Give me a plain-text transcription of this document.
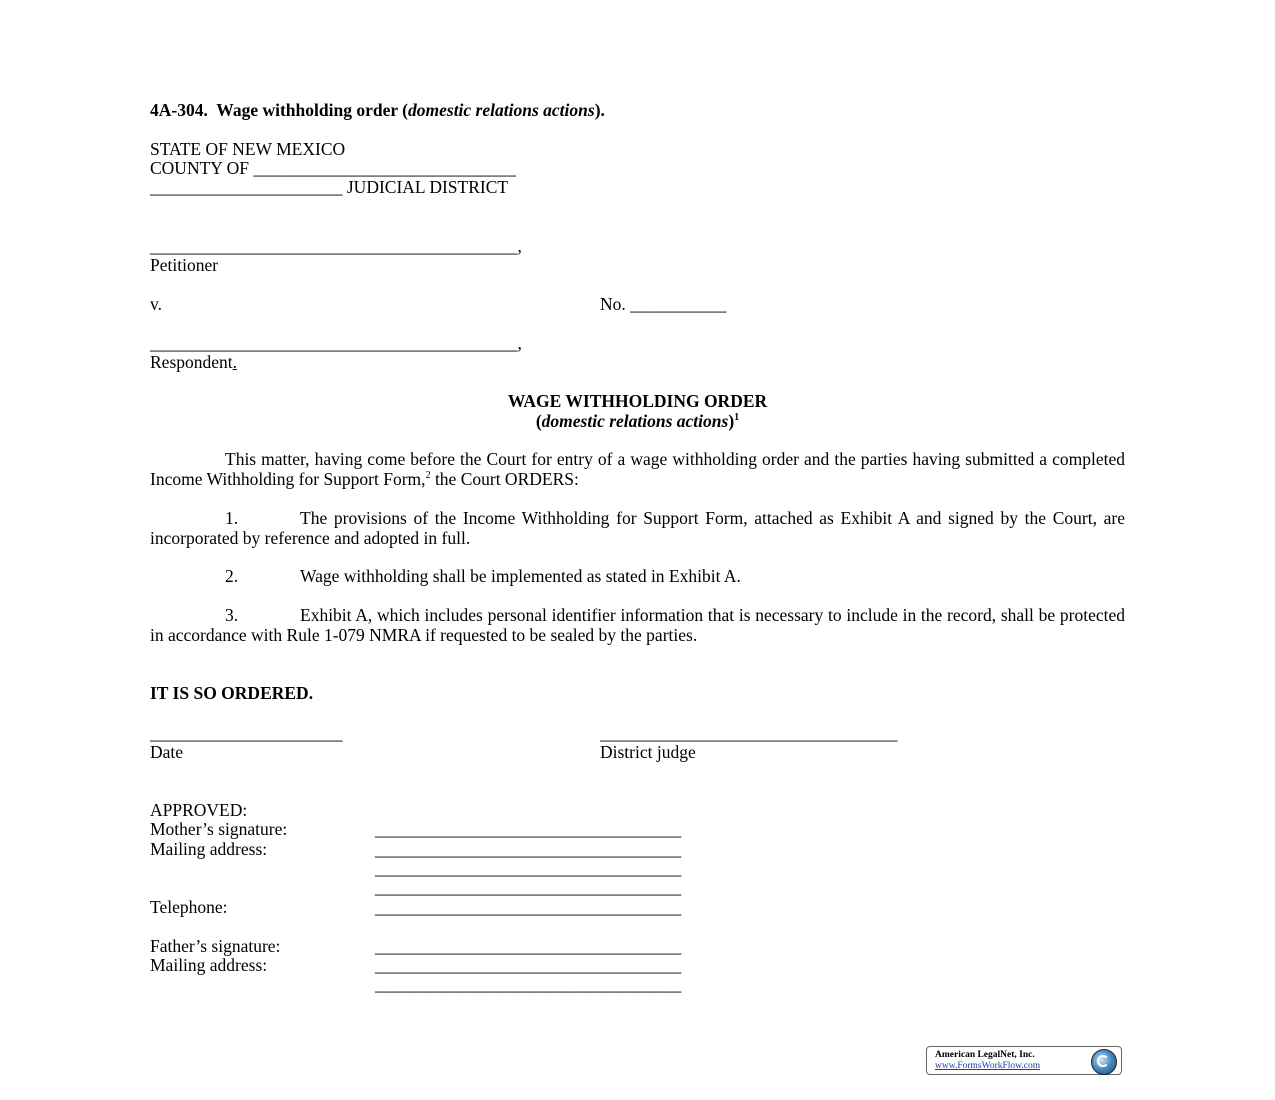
4A-304. Wage withholding order (domestic relations actions).
STATE OF NEW MEXICO
COUNTY OF ______________________________
______________________ JUDICIAL DISTRICT
__________________________________________,
Petitioner
v.	No. ___________
__________________________________________,
Respondent.
WAGE WITHHOLDING ORDER
(domestic relations actions)$^1$
This matter, having come before the Court for entry of a wage withholding order and the parties having submitted a completed Income Withholding for Support Form,$^2$ the Court ORDERS:
1.	The provisions of the Income Withholding for Support Form, attached as Exhibit A and signed by the Court, are incorporated by reference and adopted in full.
2.	Wage withholding shall be implemented as stated in Exhibit A.
3.	Exhibit A, which includes personal identifier information that is necessary to include in the record, shall be protected in accordance with Rule 1-079 NMRA if requested to be sealed by the parties.
IT IS SO ORDERED.
______________________
Date
__________________________________
District judge
APPROVED:
Mother’s signature:	___________________________________
Mailing address:	___________________________________
___________________________________
___________________________________
Telephone:	___________________________________
Father’s signature:	___________________________________
Mailing address:	___________________________________
___________________________________
American LegalNet, Inc.
www.FormsWorkFlow.com
